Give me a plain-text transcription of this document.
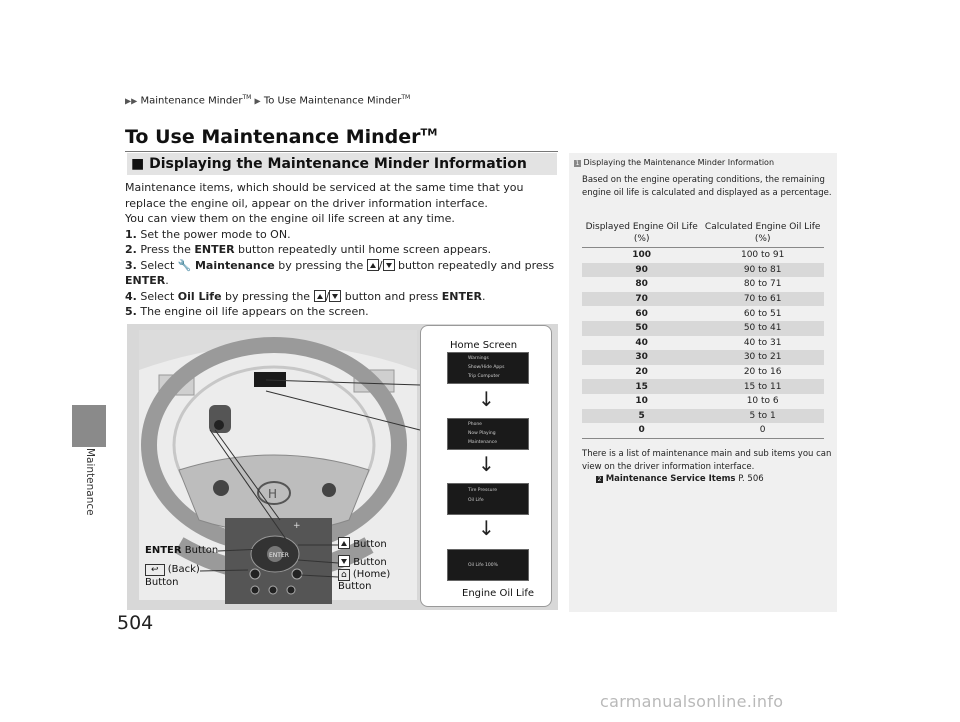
Maintenance
504
▶▶ Maintenance Minder™ ▶ To Use Maintenance Minder™
To Use Maintenance Minder™
■ Displaying the Maintenance Minder Information

Maintenance items, which should be serviced at the same time that you replace the engine oil, appear on the driver information interface.

You can view them on the engine oil life screen at any time.

1. Set the power mode to ON.

2. Press the ENTER button repeatedly until home screen appears.

3. Select 🔧 Maintenance by pressing the / button repeatedly and press ENTER.

4. Select Oil Life by pressing the / button and press ENTER.

5. The engine oil life appears on the screen.

H
ENTER
+
Home Screen
Warnings
Show/Hide Apps
Trip Computer
↓
Phone
Now Playing
Maintenance
↓
Tire Pressure
Oil Life
↓
Oil Life 100%
Engine Oil Life
ENTER Button
↩ (Back)
Button
Button
Button
⌂ (Home)
Button
1 Displaying the Maintenance Minder Information
Based on the engine operating conditions, the remaining engine oil life is calculated and displayed as a percentage.
Displayed Engine Oil Life (%)	Calculated Engine Oil Life (%)
100	100 to 91
90	90 to 81
80	80 to 71
70	70 to 61
60	60 to 51
50	50 to 41
40	40 to 31
30	30 to 21
20	20 to 16
15	15 to 11
10	10 to 6
5	5 to 1
0	0
There is a list of maintenance main and sub items you can view on the driver information interface.
2 Maintenance Service Items P. 506
carmanualsonline.info
